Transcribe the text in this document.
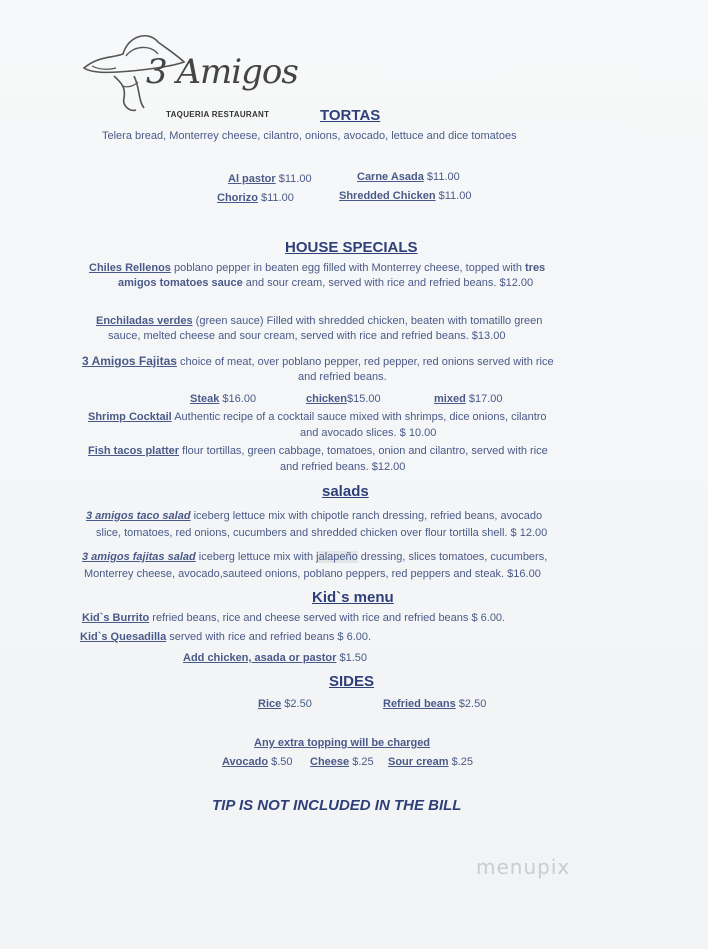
3 Amigos
TAQUERIA RESTAURANT	TORTAS
Telera bread, Monterrey cheese, cilantro, onions, avocado, lettuce and dice tomatoes
Al pastor $11.00	Carne Asada $11.00
Chorizo $11.00	Shredded Chicken $11.00
HOUSE SPECIALS
Chiles Rellenos poblano pepper in beaten egg filled with Monterrey cheese, topped with tres
amigos tomatoes sauce and sour cream, served with rice and refried beans. $12.00
Enchiladas verdes (green sauce) Filled with shredded chicken, beaten with tomatillo green
sauce, melted cheese and sour cream, served with rice and refried beans. $13.00
3 Amigos Fajitas choice of meat, over poblano pepper, red pepper, red onions served with rice
and refried beans.
Steak $16.00	chicken$15.00	mixed $17.00
Shrimp Cocktail Authentic recipe of a cocktail sauce mixed with shrimps, dice onions, cilantro
and avocado slices. $ 10.00
Fish tacos platter flour tortillas, green cabbage, tomatoes, onion and cilantro, served with rice
and refried beans. $12.00
salads
3 amigos taco salad iceberg lettuce mix with chipotle ranch dressing, refried beans, avocado
slice, tomatoes, red onions, cucumbers and shredded chicken over flour tortilla shell. $ 12.00
3 amigos fajitas salad iceberg lettuce mix with jalapeño dressing, slices tomatoes, cucumbers,
Monterrey cheese, avocado,sauteed onions, poblano peppers, red peppers and steak. $16.00
Kid`s menu
Kid`s Burrito refried beans, rice and cheese served with rice and refried beans $ 6.00.
Kid`s Quesadilla served with rice and refried beans $ 6.00.
Add chicken, asada or pastor $1.50
SIDES
Rice $2.50	Refried beans $2.50
Any extra topping will be charged
Avocado $.50 Cheese $.25 Sour cream $.25
TIP IS NOT INCLUDED IN THE BILL
menupix
